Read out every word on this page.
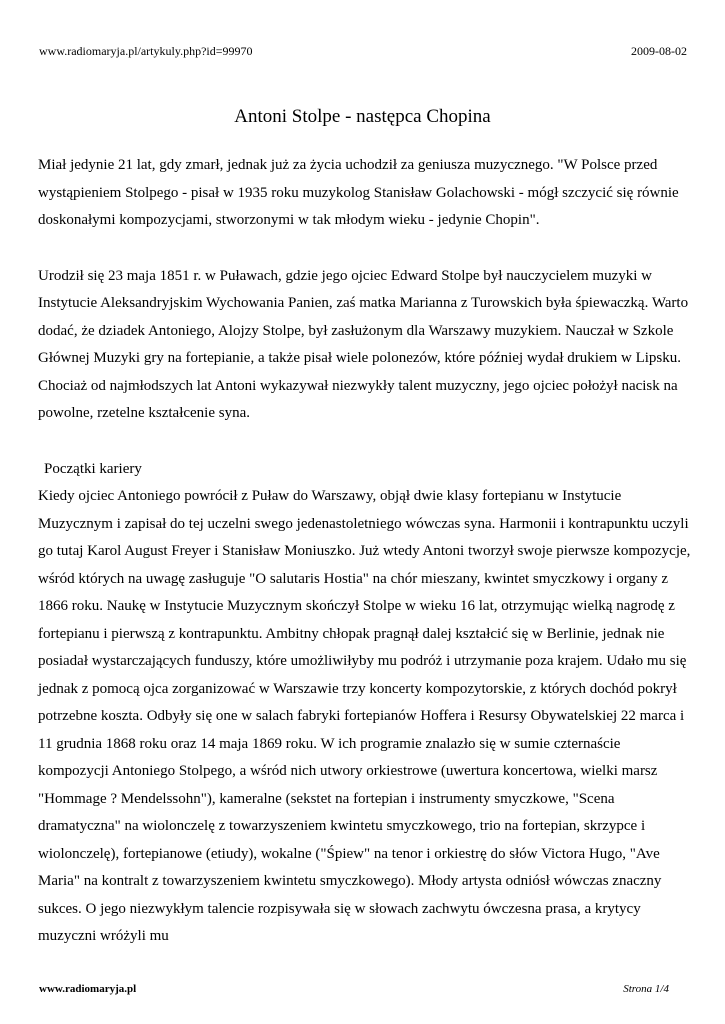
www.radiomaryja.pl/artykuly.php?id=99970	2009-08-02
Antoni Stolpe - następca Chopina

Miał jedynie 21 lat, gdy zmarł, jednak już za życia uchodził za geniusza muzycznego. "W Polsce przed wystąpieniem Stolpego - pisał w 1935 roku muzykolog Stanisław Golachowski - mógł szczycić się równie doskonałymi kompozycjami, stworzonymi w tak młodym wieku - jedynie Chopin".

Urodził się 23 maja 1851 r. w Puławach, gdzie jego ojciec Edward Stolpe był nauczycielem muzyki w Instytucie Aleksandryjskim Wychowania Panien, zaś matka Marianna z Turowskich była śpiewaczką. Warto dodać, że dziadek Antoniego, Alojzy Stolpe, był zasłużonym dla Warszawy muzykiem. Nauczał w Szkole Głównej Muzyki gry na fortepianie, a także pisał wiele polonezów, które później wydał drukiem w Lipsku. Chociaż od najmłodszych lat Antoni wykazywał niezwykły talent muzyczny, jego ojciec położył nacisk na powolne, rzetelne kształcenie syna.

Początki kariery

Kiedy ojciec Antoniego powrócił z Puław do Warszawy, objął dwie klasy fortepianu w Instytucie Muzycznym i zapisał do tej uczelni swego jedenastoletniego wówczas syna. Harmonii i kontrapunktu uczyli go tutaj Karol August Freyer i Stanisław Moniuszko. Już wtedy Antoni tworzył swoje pierwsze kompozycje, wśród których na uwagę zasługuje "O salutaris Hostia" na chór mieszany, kwintet smyczkowy i organy z 1866 roku. Naukę w Instytucie Muzycznym skończył Stolpe w wieku 16 lat, otrzymując wielką nagrodę z fortepianu i pierwszą z kontrapunktu. Ambitny chłopak pragnął dalej kształcić się w Berlinie, jednak nie posiadał wystarczających funduszy, które umożliwiłyby mu podróż i utrzymanie poza krajem. Udało mu się jednak z pomocą ojca zorganizować w Warszawie trzy koncerty kompozytorskie, z których dochód pokrył potrzebne koszta. Odbyły się one w salach fabryki fortepianów Hoffera i Resursy Obywatelskiej 22 marca i 11 grudnia 1868 roku oraz 14 maja 1869 roku. W ich programie znalazło się w sumie czternaście kompozycji Antoniego Stolpego, a wśród nich utwory orkiestrowe (uwertura koncertowa, wielki marsz "Hommage ? Mendelssohn"), kameralne (sekstet na fortepian i instrumenty smyczkowe, "Scena dramatyczna" na wiolonczelę z towarzyszeniem kwintetu smyczkowego, trio na fortepian, skrzypce i wiolonczelę), fortepianowe (etiudy), wokalne ("Śpiew" na tenor i orkiestrę do słów Victora Hugo, "Ave Maria" na kontralt z towarzyszeniem kwintetu smyczkowego). Młody artysta odniósł wówczas znaczny sukces. O jego niezwykłym talencie rozpisywała się w słowach zachwytu ówczesna prasa, a krytycy muzyczni wróżyli mu

www.radiomaryja.pl	Strona 1/4
